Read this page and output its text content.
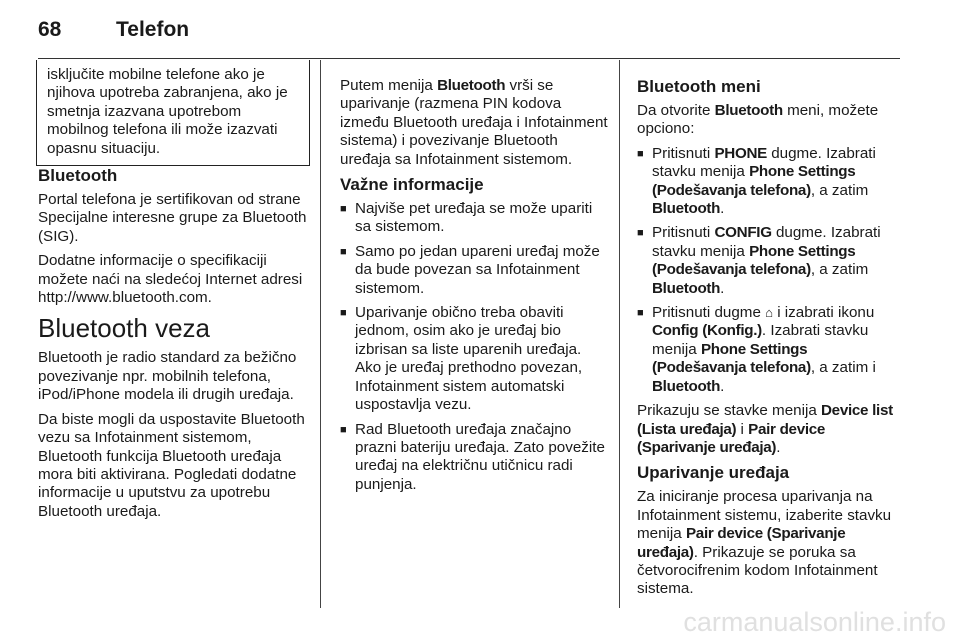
68	Telefon
isključite mobilne telefone ako je njihova upotreba zabranjena, ako je smetnja izazvana upotrebom mobilnog telefona ili može izazvati opasnu situaciju.

Bluetooth

Portal telefona je sertifikovan od strane Specijalne interesne grupe za Bluetooth (SIG).

Dodatne informacije o specifikaciji možete naći na sledećoj Internet adresi http://www.bluetooth.com.

Bluetooth veza

Bluetooth je radio standard za bežično povezivanje npr. mobilnih telefona, iPod/iPhone modela ili drugih uređaja.

Da biste mogli da uspostavite Bluetooth vezu sa Infotainment sistemom, Bluetooth funkcija Bluetooth uređaja mora biti aktivirana. Pogledati dodatne informacije u uputstvu za upotrebu Bluetooth uređaja.

Putem menija Bluetooth vrši se uparivanje (razmena PIN kodova između Bluetooth uređaja i Infotainment sistema) i povezivanje Bluetooth uređaja sa Infotainment sistemom.

Važne informacije

■ Najviše pet uređaja se može upariti sa sistemom.
■ Samo po jedan upareni uređaj može da bude povezan sa Infotainment sistemom.
■ Uparivanje obično treba obaviti jednom, osim ako je uređaj bio izbrisan sa liste uparenih uređaja. Ako je uređaj prethodno povezan, Infotainment sistem automatski uspostavlja vezu.
■ Rad Bluetooth uređaja značajno prazni bateriju uređaja. Zato povežite uređaj na električnu utičnicu radi punjenja.

Bluetooth meni

Da otvorite Bluetooth meni, možete opciono:

■ Pritisnuti PHONE dugme. Izabrati stavku menija Phone Settings (Podešavanja telefona), a zatim Bluetooth.
■ Pritisnuti CONFIG dugme. Izabrati stavku menija Phone Settings (Podešavanja telefona), a zatim Bluetooth.
■ Pritisnuti dugme ⌂ i izabrati ikonu Config (Konfig.). Izabrati stavku menija Phone Settings (Podešavanja telefona), a zatim i Bluetooth.

Prikazuju se stavke menija Device list (Lista uređaja) i Pair device (Sparivanje uređaja).

Uparivanje uređaja

Za iniciranje procesa uparivanja na Infotainment sistemu, izaberite stavku menija Pair device (Sparivanje uređaja). Prikazuje se poruka sa četvorocifrenim kodom Infotainment sistema.

carmanualsonline.info
